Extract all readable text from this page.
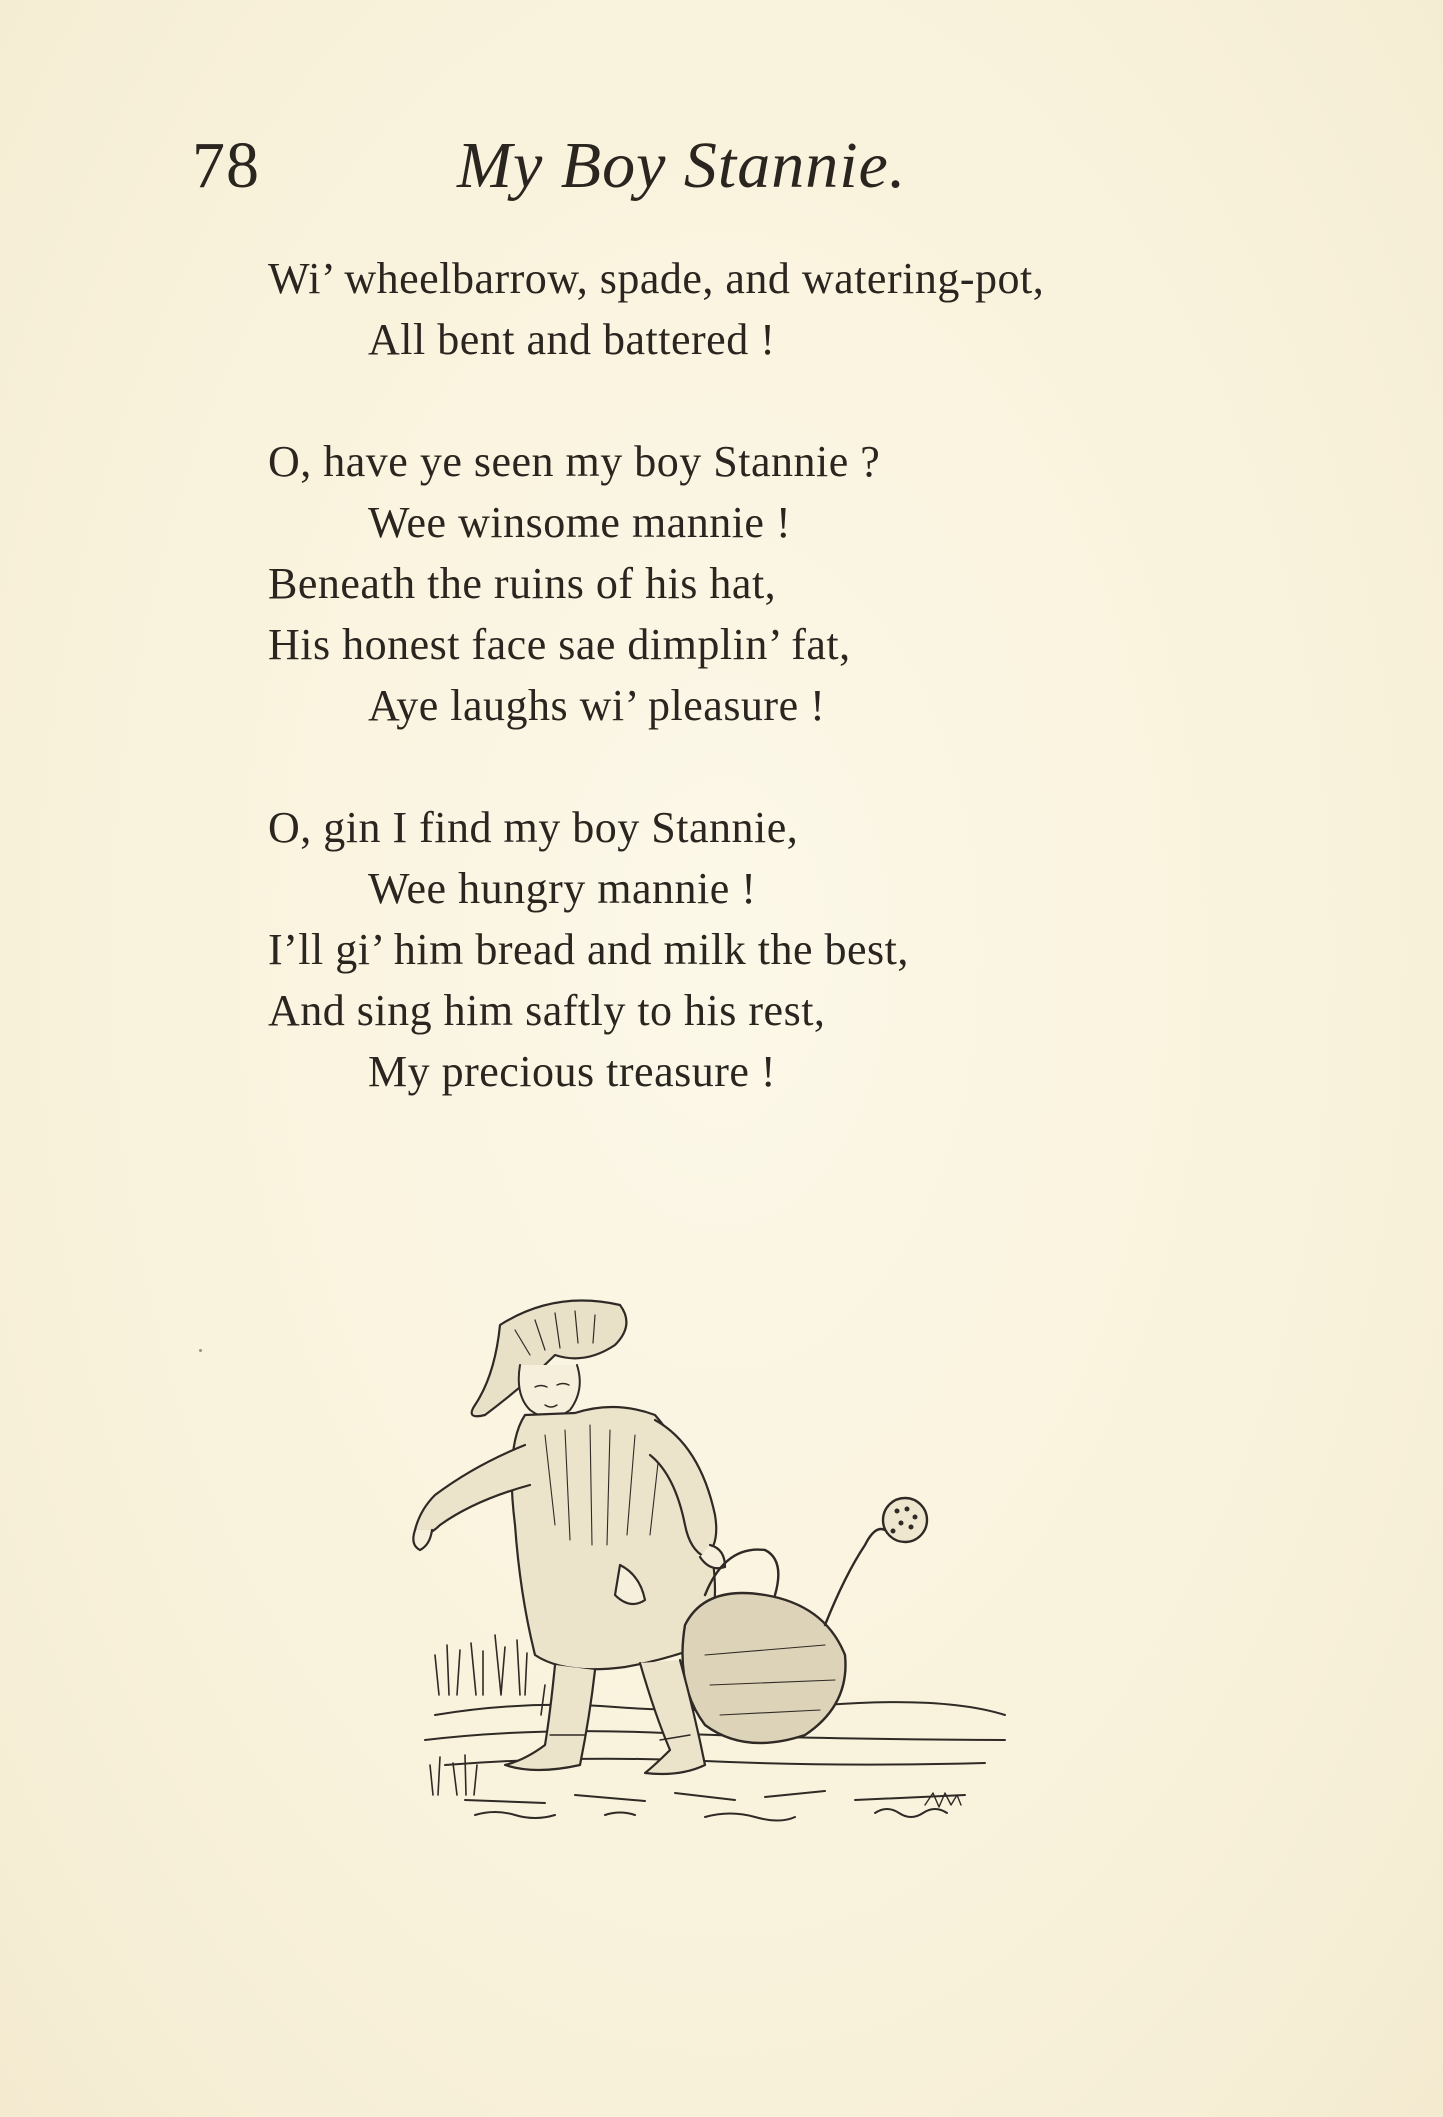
78	My Boy Stannie.
Wi’ wheelbarrow, spade, and watering-pot,
All bent and battered !
O, have ye seen my boy Stannie ?
Wee winsome mannie !
Beneath the ruins of his hat,
His honest face sae dimplin’ fat,
Aye laughs wi’ pleasure !
O, gin I find my boy Stannie,
Wee hungry mannie !
I’ll gi’ him bread and milk the best,
And sing him saftly to his rest,
My precious treasure !
